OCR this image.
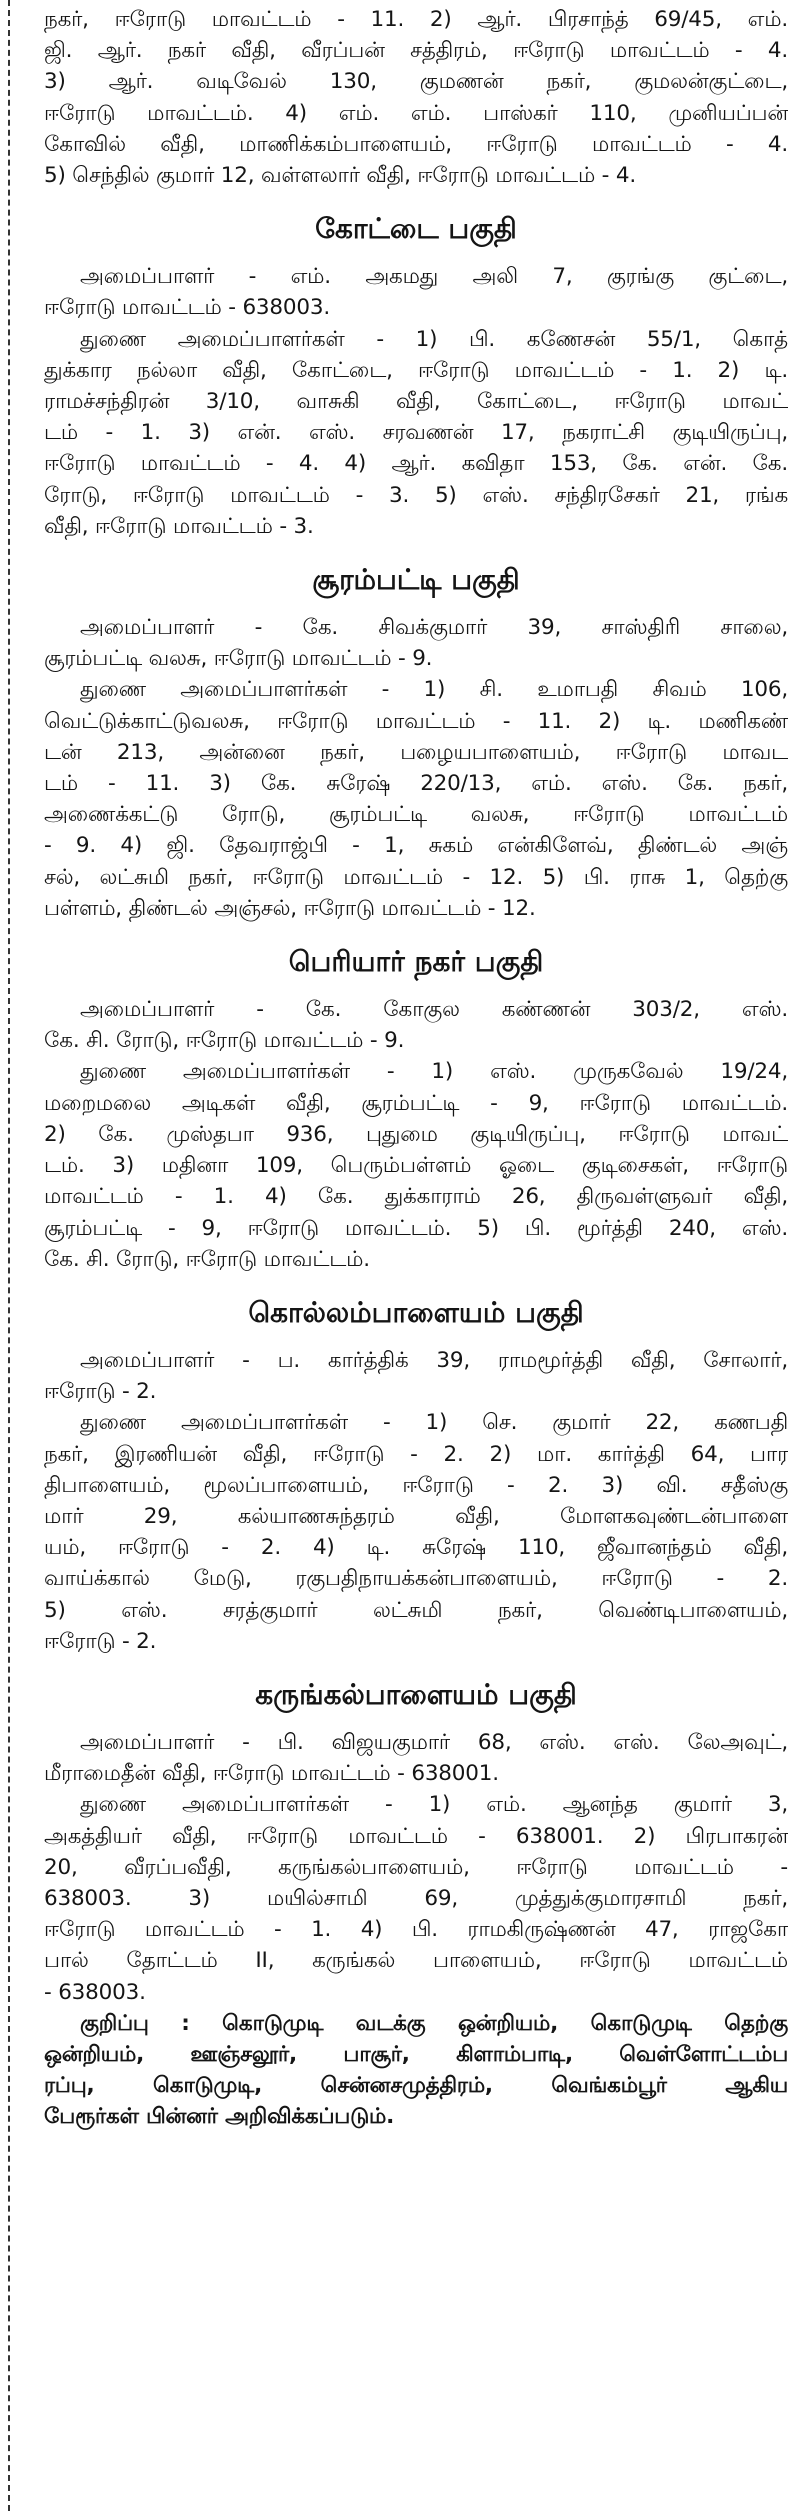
நகர், ஈரோடு மாவட்டம் - 11. 2) ஆர். பிரசாந்த் 69/45, எம்.
ஜி. ஆர். நகர் வீதி, வீரப்பன் சத்திரம், ஈரோடு மாவட்டம் - 4.
3) ஆர். வடிவேல் 130, குமணன் நகர், குமலன்குட்டை,
ஈரோடு மாவட்டம். 4) எம். எம். பாஸ்கர் 110, முனியப்பன்
கோவில் வீதி, மாணிக்கம்பாளையம், ஈரோடு மாவட்டம் - 4.
5) செந்தில் குமார் 12, வள்ளலார் வீதி, ஈரோடு மாவட்டம் - 4.
கோட்டை பகுதி
அமைப்பாளர் - எம். அகமது அலி 7, குரங்கு குட்டை,
ஈரோடு மாவட்டம் - 638003.
துணை அமைப்பாளர்கள் - 1) பி. கணேசன் 55/1, கொத்
துக்கார நல்லா வீதி, கோட்டை, ஈரோடு மாவட்டம் - 1. 2) டி.
ராமச்சந்திரன் 3/10, வாசுகி வீதி, கோட்டை, ஈரோடு மாவட்
டம் - 1. 3) என். எஸ். சரவணன் 17, நகராட்சி குடியிருப்பு,
ஈரோடு மாவட்டம் - 4. 4) ஆர். கவிதா 153, கே. என். கே.
ரோடு, ஈரோடு மாவட்டம் - 3. 5) எஸ். சந்திரசேகர் 21, ரங்க
வீதி, ஈரோடு மாவட்டம் - 3.
சூரம்பட்டி பகுதி
அமைப்பாளர் - கே. சிவக்குமார் 39, சாஸ்திரி சாலை,
சூரம்பட்டி வலசு, ஈரோடு மாவட்டம் - 9.
துணை அமைப்பாளர்கள் - 1) சி. உமாபதி சிவம் 106,
வெட்டுக்காட்டுவலசு, ஈரோடு மாவட்டம் - 11. 2) டி. மணிகண்
டன் 213, அன்னை நகர், பழையபாளையம், ஈரோடு மாவட
டம் - 11. 3) கே. சுரேஷ் 220/13, எம். எஸ். கே. நகர்,
அணைக்கட்டு ரோடு, சூரம்பட்டி வலசு, ஈரோடு மாவட்டம்
- 9. 4) ஜி. தேவராஜ்பி - 1, சுகம் என்கிளேவ், திண்டல் அஞ்
சல், லட்சுமி நகர், ஈரோடு மாவட்டம் - 12. 5) பி. ராசு 1, தெற்கு
பள்ளம், திண்டல் அஞ்சல், ஈரோடு மாவட்டம் - 12.
பெரியார் நகர் பகுதி
அமைப்பாளர் - கே. கோகுல கண்ணன் 303/2, எஸ்.
கே. சி. ரோடு, ஈரோடு மாவட்டம் - 9.
துணை அமைப்பாளர்கள் - 1) எஸ். முருகவேல் 19/24,
மறைமலை அடிகள் வீதி, சூரம்பட்டி - 9, ஈரோடு மாவட்டம்.
2) கே. முஸ்தபா 936, புதுமை குடியிருப்பு, ஈரோடு மாவட்
டம். 3) மதினா 109, பெரும்பள்ளம் ஓடை குடிசைகள், ஈரோடு
மாவட்டம் - 1. 4) கே. துக்காராம் 26, திருவள்ளுவர் வீதி,
சூரம்பட்டி - 9, ஈரோடு மாவட்டம். 5) பி. மூர்த்தி 240, எஸ்.
கே. சி. ரோடு, ஈரோடு மாவட்டம்.
கொல்லம்பாளையம் பகுதி
அமைப்பாளர் - ப. கார்த்திக் 39, ராமமூர்த்தி வீதி, சோலார்,
ஈரோடு - 2.
துணை அமைப்பாளர்கள் - 1) செ. குமார் 22, கணபதி
நகர், இரணியன் வீதி, ஈரோடு - 2. 2) மா. கார்த்தி 64, பார
திபாளையம், மூலப்பாளையம், ஈரோடு - 2. 3) வி. சதீஸ்கு
மார் 29, கல்யாணசுந்தரம் வீதி, மோளகவுண்டன்பாளை
யம், ஈரோடு - 2. 4) டி. சுரேஷ் 110, ஜீவானந்தம் வீதி,
வாய்க்கால் மேடு, ரகுபதிநாயக்கன்பாளையம், ஈரோடு - 2.
5) எஸ். சரத்குமார் லட்சுமி நகர், வெண்டிபாளையம்,
ஈரோடு - 2.
கருங்கல்பாளையம் பகுதி
அமைப்பாளர் - பி. விஜயகுமார் 68, எஸ். எஸ். லேஅவுட்,
மீராமைதீன் வீதி, ஈரோடு மாவட்டம் - 638001.
துணை அமைப்பாளர்கள் - 1) எம். ஆனந்த குமார் 3,
அகத்தியர் வீதி, ஈரோடு மாவட்டம் - 638001. 2) பிரபாகரன்
20, வீரப்பவீதி, கருங்கல்பாளையம், ஈரோடு மாவட்டம் -
638003. 3) மயில்சாமி 69, முத்துக்குமாரசாமி நகர்,
ஈரோடு மாவட்டம் - 1. 4) பி. ராமகிருஷ்ணன் 47, ராஜகோ
பால் தோட்டம் II, கருங்கல் பாளையம், ஈரோடு மாவட்டம்
- 638003.
குறிப்பு : கொடுமுடி வடக்கு ஒன்றியம், கொடுமுடி தெற்கு
ஒன்றியம், ஊஞ்சலூர், பாசூர், கிளாம்பாடி, வெள்ளோட்டம்ப
ரப்பு, கொடுமுடி, சென்னசமுத்திரம், வெங்கம்பூர் ஆகிய
பேரூர்கள் பின்னர் அறிவிக்கப்படும்.
